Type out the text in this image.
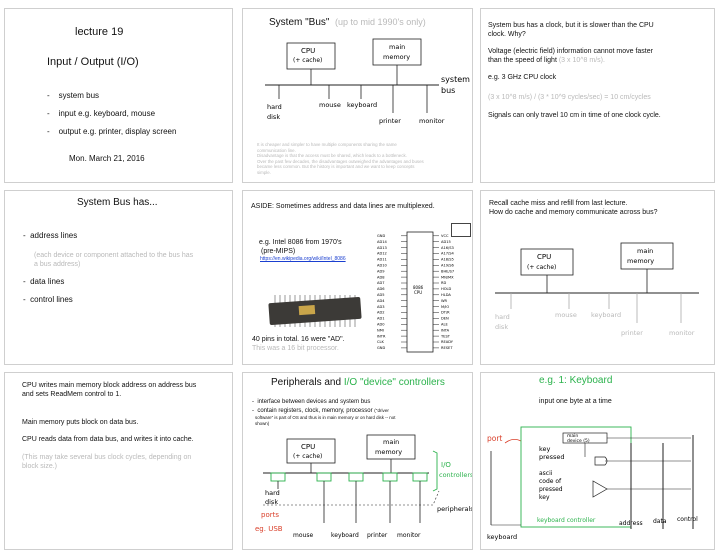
lecture 19
Input / Output (I/O)
-    system bus
-    input e.g. keyboard, mouse
-    output e.g. printer, display screen
Mon. March 21, 2016
System "Bus" (up to mid 1990's only)
CPU
(+ cache)
main
memory
hard
disk
mouse keyboard
printer	monitor
system
bus
It is cheaper and simpler to have multiple components sharing the same
communication line.
Disadvantage is that the access must be shared, which leads to a bottleneck.
Over the past few decades, the disadvantages outweighed the advantages and buses
became less common. But the history is important and we want to keep concepts
simple.
System bus has a clock, but it is slower than the CPU
clock. Why?
Voltage (electric field) information cannot move faster
than the speed of light (3 x 10^8 m/s).
e.g. 3 GHz CPU clock
(3 x 10^8 m/s) / (3 * 10^9 cycles/sec) = 10 cm/cycles
Signals can only travel 10 cm in time of one clock cycle.
System Bus has...
-  address lines
(each device or component attached to the bus has
a bus address)
-  data lines
-  control lines
ASIDE: Sometimes address and data lines are multiplexed.
e.g. Intel 8086 from 1970's
(pre-MIPS)
https://en.wikipedia.org/wiki/Intel_8086
40 pins in total. 16 were "AD".
This was a 16 bit processor.
8086
CPU
GND
AD14
AD13
AD12
AD11
AD10
AD9
AD8
AD7
AD6
AD5
AD4
AD3
AD2
AD1
AD0
NMI
INTR
CLK
GND
VCC
AD15
A16/S3
A17/S4
A18/S5
A19/S6
BHE/S7
MN/MX
RD
HOLD
HLDA
WR
M/IO
DT/R
DEN
ALE
INTA
TEST
READY
RESET
Recall cache miss and refill from last lecture.
How do cache and memory communicate across bus?
CPU
(+ cache)
main
memory
hard
disk
mouse keyboard
printer	monitor
CPU writes main memory block address on address bus
and sets ReadMem control to 1.
Main memory puts block on data bus.
CPU reads data from data bus, and writes it into cache.
(This may take several bus clock cycles, depending on
block size.)
Peripherals and I/O "device" controllers
-  interface between devices and system bus
-  contain registers, clock, memory, processor ("driver
software" is part of OS and thus is in main memory or on hard disk -- not
shown)
CPU
(+ cache)
main
memory
hard
disk
I/O
controllers
peripherals
ports
eg. USB
mouse	keyboard printer monitor
e.g. 1: Keyboard
input one byte at a time
port	main
device (5)
key
pressed
ascii
code of
pressed
key
keyboard controller
keyboard
address data control
